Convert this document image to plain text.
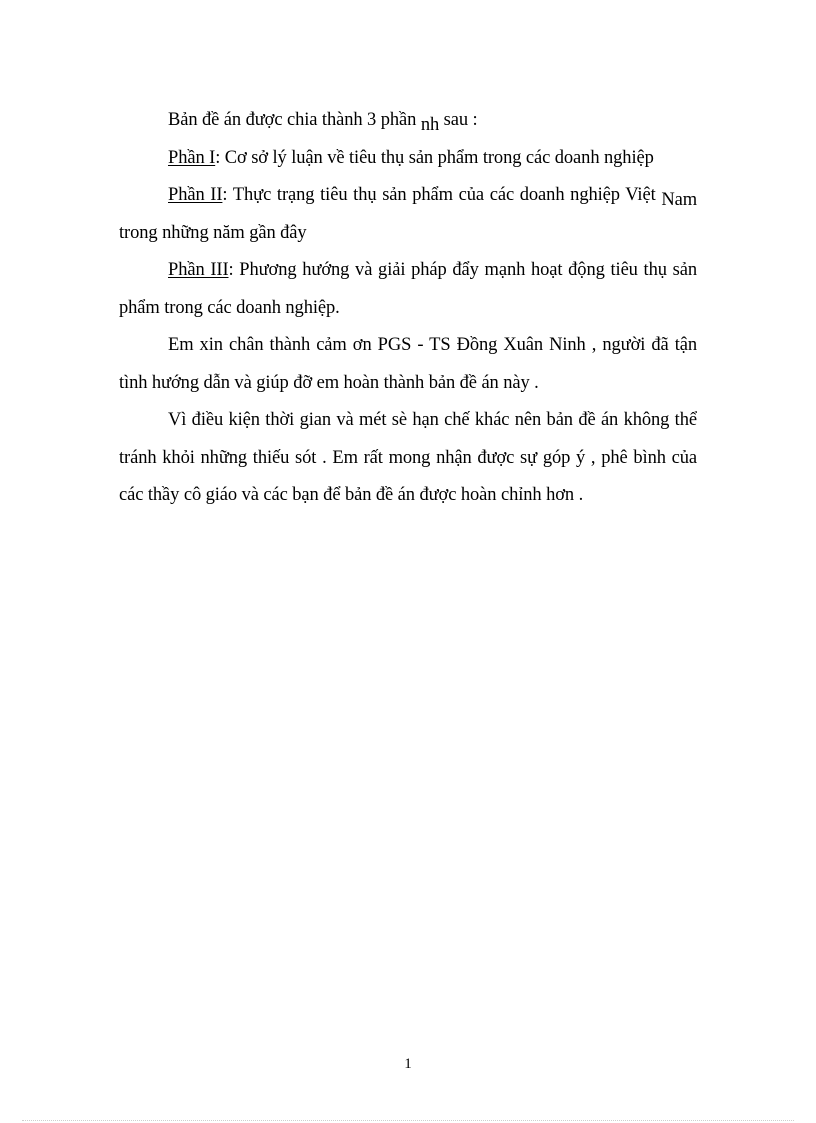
Bản đề án được chia thành 3 phần nh sau :

Phần I: Cơ sở lý luận về tiêu thụ sản phẩm trong các doanh nghiệp

Phần II: Thực trạng tiêu thụ sản phẩm của các doanh nghiệp Việt Nam trong những năm gần đây

Phần III: Phương hướng và giải pháp đẩy mạnh hoạt động tiêu thụ sản phẩm trong các doanh nghiệp.

Em xin chân thành cảm ơn PGS - TS Đồng Xuân Ninh , người đã tận tình hướng dẫn và giúp đỡ em hoàn thành bản đề án này .

Vì điều kiện thời gian và mét sè hạn chế khác nên bản đề án không thể tránh khỏi những thiếu sót . Em rất mong nhận được sự góp ý , phê bình của các thầy cô giáo và các bạn để bản đề án được hoàn chỉnh hơn .

1
